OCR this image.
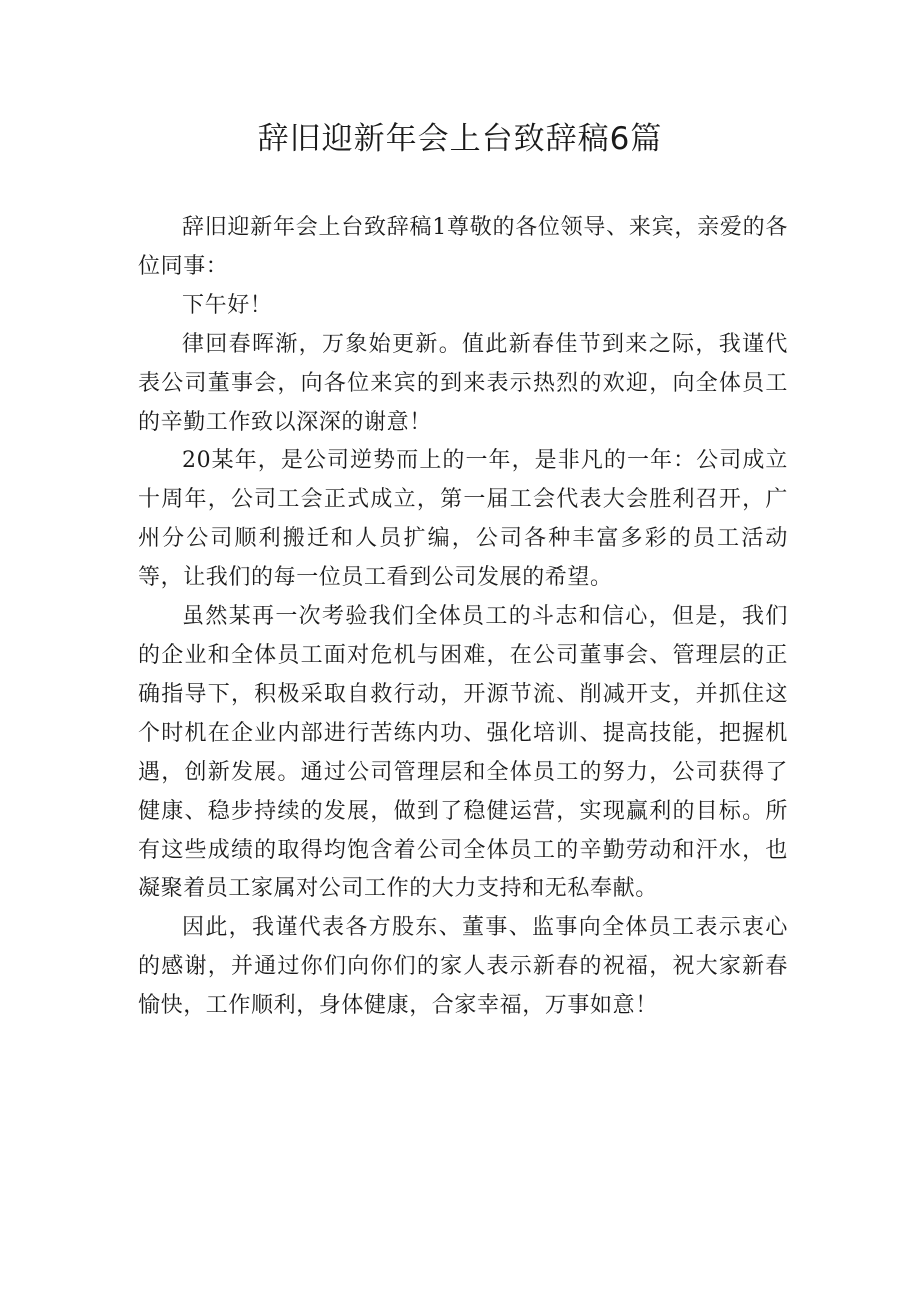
辞旧迎新年会上台致辞稿6篇

辞旧迎新年会上台致辞稿1尊敬的各位领导、来宾，亲爱的各位同事：

下午好！

律回春晖渐，万象始更新。值此新春佳节到来之际，我谨代表公司董事会，向各位来宾的到来表示热烈的欢迎，向全体员工的辛勤工作致以深深的谢意！

20某年，是公司逆势而上的一年，是非凡的一年：公司成立十周年，公司工会正式成立，第一届工会代表大会胜利召开，广州分公司顺利搬迁和人员扩编，公司各种丰富多彩的员工活动等，让我们的每一位员工看到公司发展的希望。

虽然某再一次考验我们全体员工的斗志和信心，但是，我们的企业和全体员工面对危机与困难，在公司董事会、管理层的正确指导下，积极采取自救行动，开源节流、削减开支，并抓住这个时机在企业内部进行苦练内功、强化培训、提高技能，把握机遇，创新发展。通过公司管理层和全体员工的努力，公司获得了健康、稳步持续的发展，做到了稳健运营，实现赢利的目标。所有这些成绩的取得均饱含着公司全体员工的辛勤劳动和汗水，也凝聚着员工家属对公司工作的大力支持和无私奉献。

因此，我谨代表各方股东、董事、监事向全体员工表示衷心的感谢，并通过你们向你们的家人表示新春的祝福，祝大家新春愉快，工作顺利，身体健康，合家幸福，万事如意！
